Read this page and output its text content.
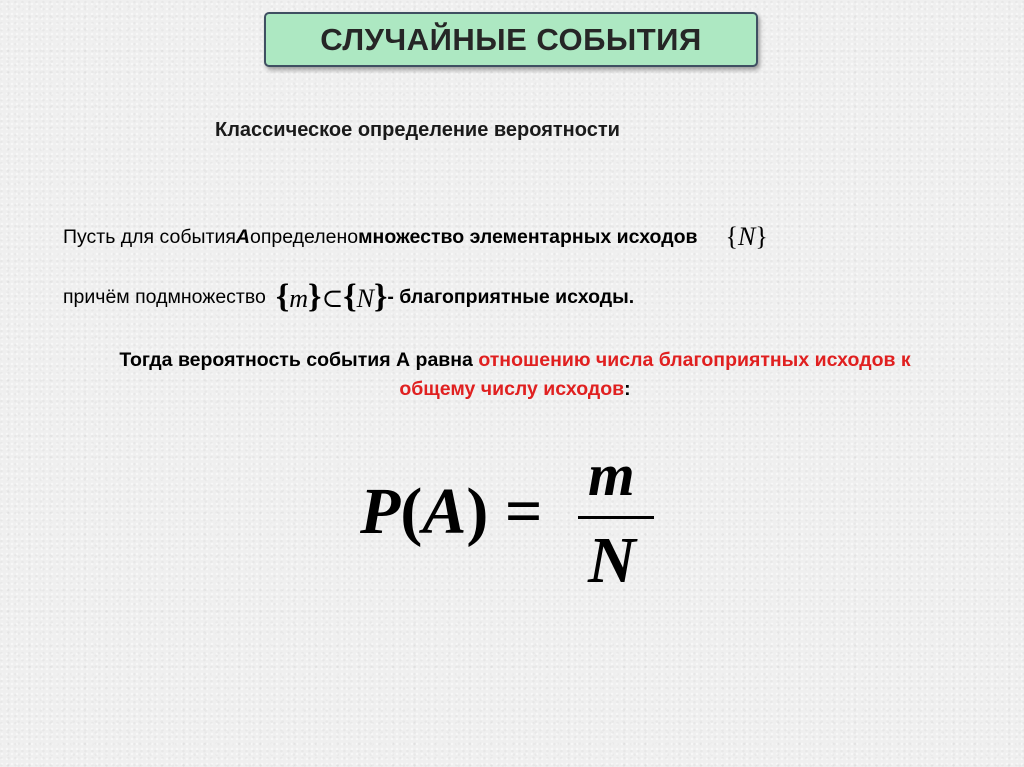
СЛУЧАЙНЫЕ СОБЫТИЯ
Классическое определение вероятности
Пусть для события A определено множество элементарных исходов {N}
причём подмножество {m}⊂{N} - благоприятные исходы.
Тогда вероятность события А равна отношению числа благоприятных исходов к
общему числу исходов:
P(A) = m
N
